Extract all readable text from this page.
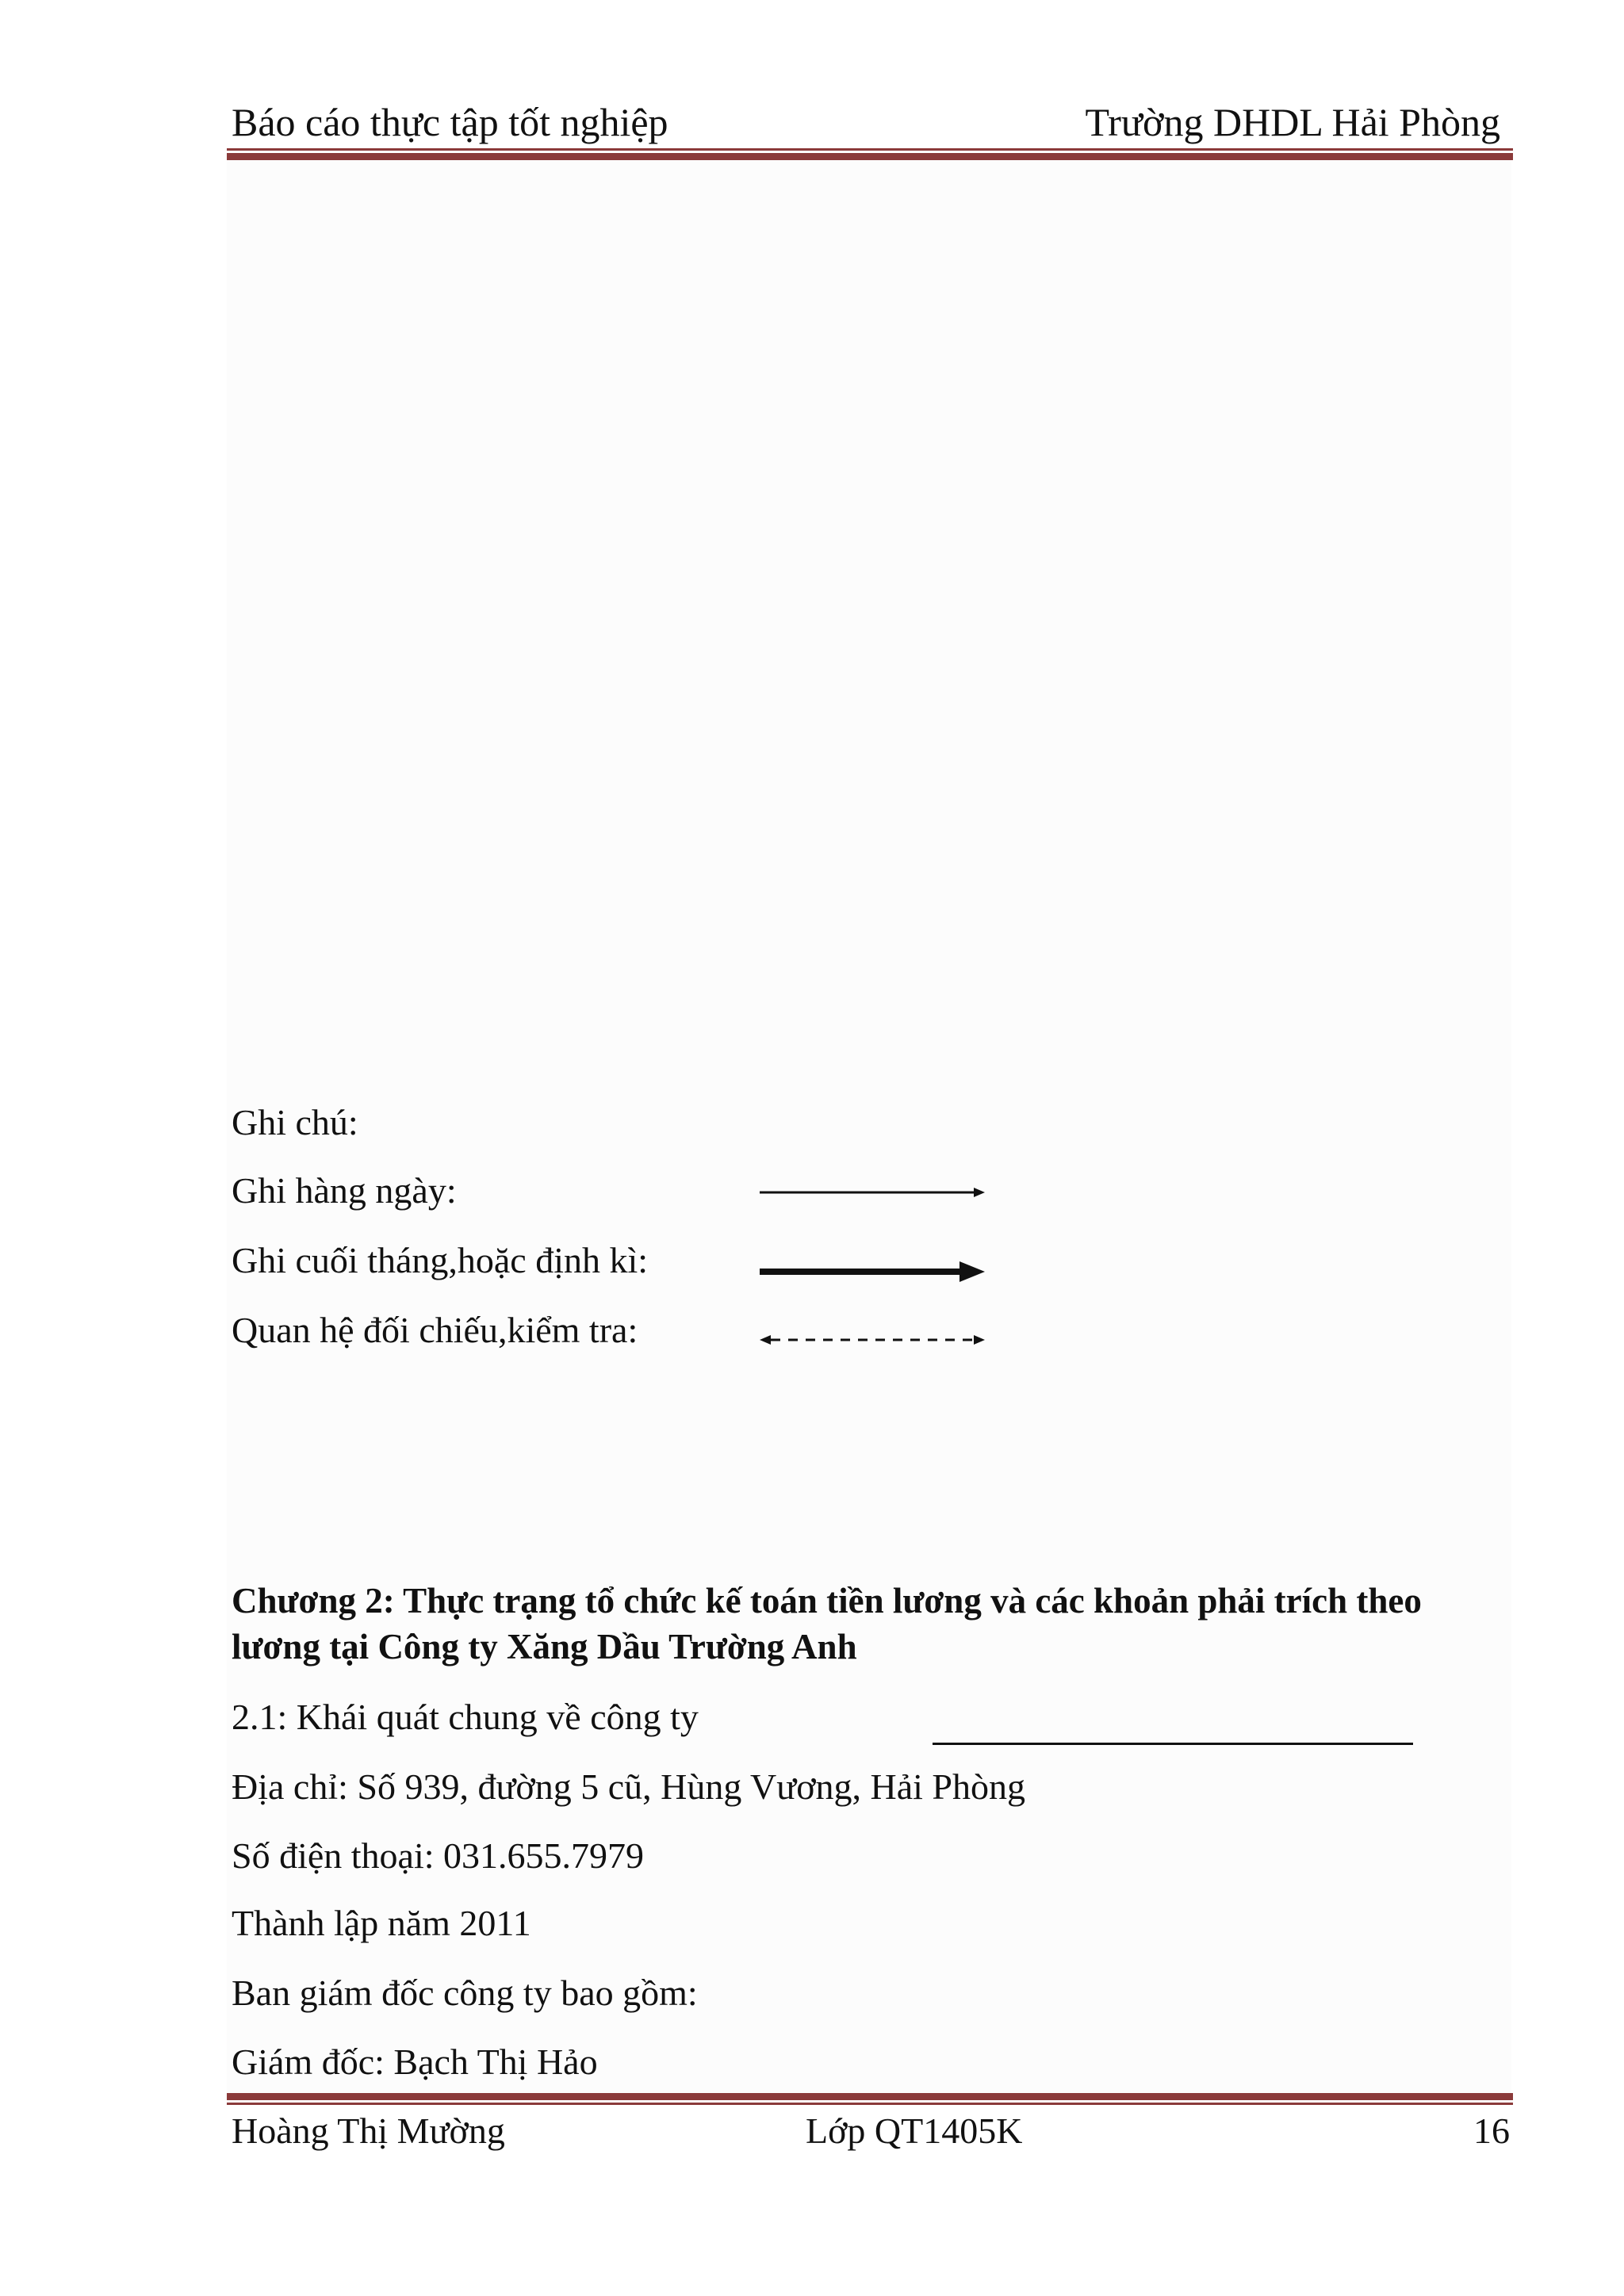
Báo cáo thực tập tốt nghiệp	Trường DHDL Hải Phòng
Ghi chú:
Ghi hàng ngày:
Ghi cuối tháng,hoặc định kì:
Quan hệ đối chiếu,kiểm tra:
Chương 2: Thực trạng tổ chức kế toán tiền lương và các khoản phải trích theo lương tại Công ty Xăng Dầu Trường Anh
2.1: Khái quát chung về công ty
Địa chỉ: Số 939, đường 5 cũ, Hùng Vương, Hải Phòng
Số điện thoại: 031.655.7979
Thành lập năm 2011
Ban giám đốc công ty bao gồm:
Giám đốc: Bạch Thị Hảo
Hoàng Thị Mường	Lớp QT1405K	16
